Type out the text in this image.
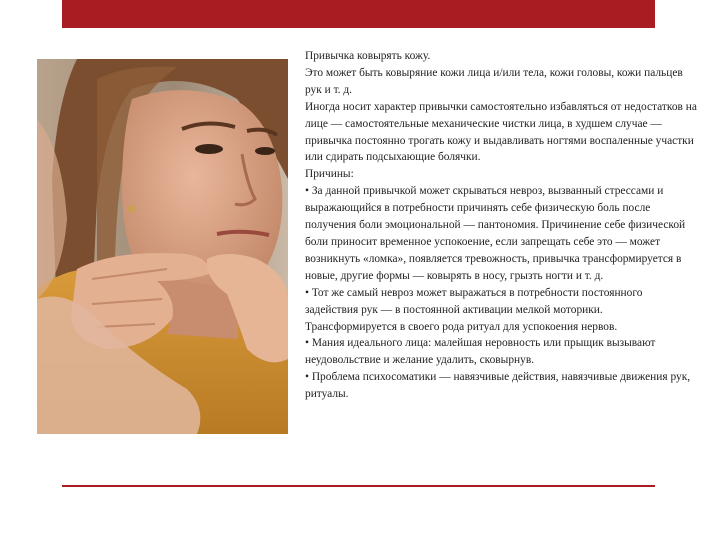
Привычка ковырять кожу.

Это может быть ковыряние кожи лица и/или тела, кожи головы, кожи пальцев рук и т. д.

Иногда носит характер привычки самостоятельно избавляться от недостатков на лице — самостоятельные механические чистки лица, в худшем случае — привычка постоянно трогать кожу и выдавливать ногтями воспаленные участки или сдирать подсыхающие болячки.

Причины:

• За данной привычкой может скрываться невроз, вызванный стрессами и выражающийся в потребности причинять себе физическую боль после получения боли эмоциональной — пантономия. Причинение себе физической боли приносит временное успокоение, если запрещать себе это — может возникнуть «ломка», появляется тревожность, привычка трансформируется в новые, другие формы — ковырять в носу, грызть ногти и т. д.

• Тот же самый невроз может выражаться в потребности постоянного задействия рук — в постоянной активации мелкой моторики. Трансформируется в своего рода ритуал для успокоения нервов.

• Мания идеального лица: малейшая неровность или прыщик вызывают неудовольствие и желание удалить, сковырнув.

• Проблема психосоматики — навязчивые действия, навязчивые движения рук, ритуалы.
